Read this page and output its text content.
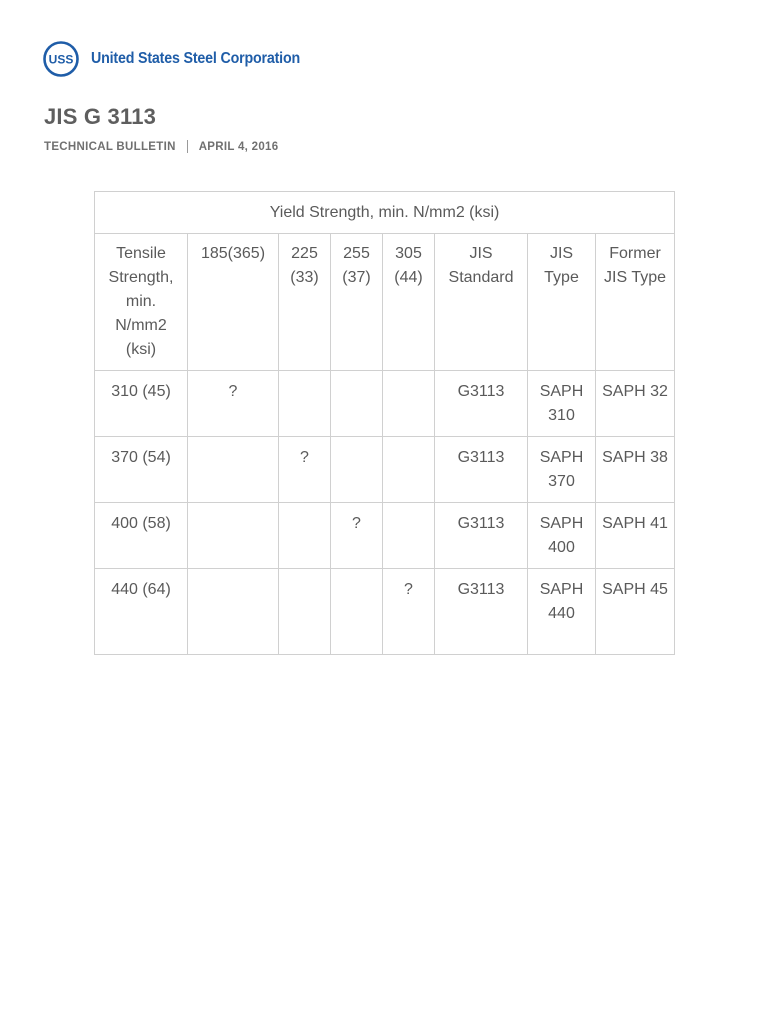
USS United States Steel Corporation
JIS G 3113
TECHNICAL BULLETIN APRIL 4, 2016
Yield Strength, min. N/mm2 (ksi)							
Tensile Strength, min. N/mm2 (ksi)	185(365)	225 (33)	255 (37)	305 (44)	JIS Standard	JIS Type	Former JIS Type
310 (45)	?				G3113	SAPH 310	SAPH 32
370 (54)		?			G3113	SAPH 370	SAPH 38
400 (58)			?		G3113	SAPH 400	SAPH 41
440 (64)				?	G3113	SAPH 440	SAPH 45
